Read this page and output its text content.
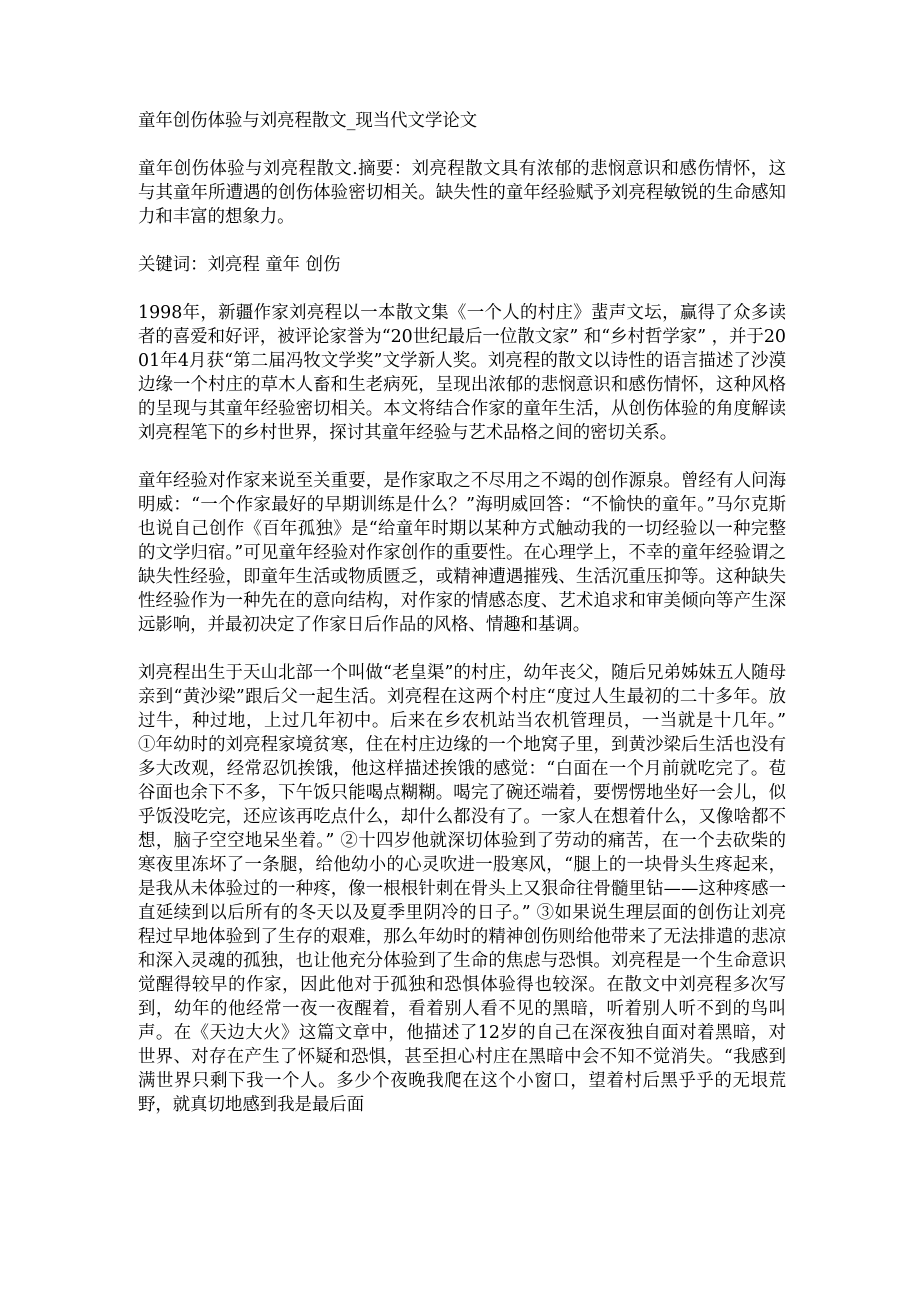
童年创伤体验与刘亮程散文_现当代文学论文

童年创伤体验与刘亮程散文.摘要：刘亮程散文具有浓郁的悲悯意识和感伤情怀，这与其童年所遭遇的创伤体验密切相关。缺失性的童年经验赋予刘亮程敏锐的生命感知力和丰富的想象力。

关键词：刘亮程 童年 创伤

1998年，新疆作家刘亮程以一本散文集《一个人的村庄》蜚声文坛，赢得了众多读者的喜爱和好评，被评论家誉为“20世纪最后一位散文家” 和“乡村哲学家” ，并于2001年4月获“第二届冯牧文学奖”文学新人奖。刘亮程的散文以诗性的语言描述了沙漠边缘一个村庄的草木人畜和生老病死，呈现出浓郁的悲悯意识和感伤情怀，这种风格的呈现与其童年经验密切相关。本文将结合作家的童年生活，从创伤体验的角度解读刘亮程笔下的乡村世界，探讨其童年经验与艺术品格之间的密切关系。

童年经验对作家来说至关重要，是作家取之不尽用之不竭的创作源泉。曾经有人问海明威：“一个作家最好的早期训练是什么？”海明威回答：“不愉快的童年。”马尔克斯也说自己创作《百年孤独》是“给童年时期以某种方式触动我的一切经验以一种完整的文学归宿。”可见童年经验对作家创作的重要性。在心理学上，不幸的童年经验谓之缺失性经验，即童年生活或物质匮乏，或精神遭遇摧残、生活沉重压抑等。这种缺失性经验作为一种先在的意向结构，对作家的情感态度、艺术追求和审美倾向等产生深远影响，并最初决定了作家日后作品的风格、情趣和基调。

刘亮程出生于天山北部一个叫做“老皇渠”的村庄，幼年丧父，随后兄弟姊妹五人随母亲到“黄沙梁”跟后父一起生活。刘亮程在这两个村庄“度过人生最初的二十多年。放过牛，种过地，上过几年初中。后来在乡农机站当农机管理员，一当就是十几年。” ①年幼时的刘亮程家境贫寒，住在村庄边缘的一个地窝子里，到黄沙梁后生活也没有多大改观，经常忍饥挨饿，他这样描述挨饿的感觉：“白面在一个月前就吃完了。苞谷面也余下不多，下午饭只能喝点糊糊。喝完了碗还端着，要愣愣地坐好一会儿，似乎饭没吃完，还应该再吃点什么，却什么都没有了。一家人在想着什么，又像啥都不想，脑子空空地呆坐着。” ②十四岁他就深切体验到了劳动的痛苦，在一个去砍柴的寒夜里冻坏了一条腿，给他幼小的心灵吹进一股寒风，“腿上的一块骨头生疼起来，是我从未体验过的一种疼，像一根根针刺在骨头上又狠命往骨髓里钻——这种疼感一直延续到以后所有的冬天以及夏季里阴冷的日子。” ③如果说生理层面的创伤让刘亮程过早地体验到了生存的艰难，那么年幼时的精神创伤则给他带来了无法排遣的悲凉和深入灵魂的孤独，也让他充分体验到了生命的焦虑与恐惧。刘亮程是一个生命意识觉醒得较早的作家，因此他对于孤独和恐惧体验得也较深。在散文中刘亮程多次写到，幼年的他经常一夜一夜醒着，看着别人看不见的黑暗，听着别人听不到的鸟叫声。在《天边大火》这篇文章中，他描述了12岁的自己在深夜独自面对着黑暗，对世界、对存在产生了怀疑和恐惧，甚至担心村庄在黑暗中会不知不觉消失。“我感到满世界只剩下我一个人。多少个夜晚我爬在这个小窗口，望着村后黑乎乎的无垠荒野，就真切地感到我是最后面
